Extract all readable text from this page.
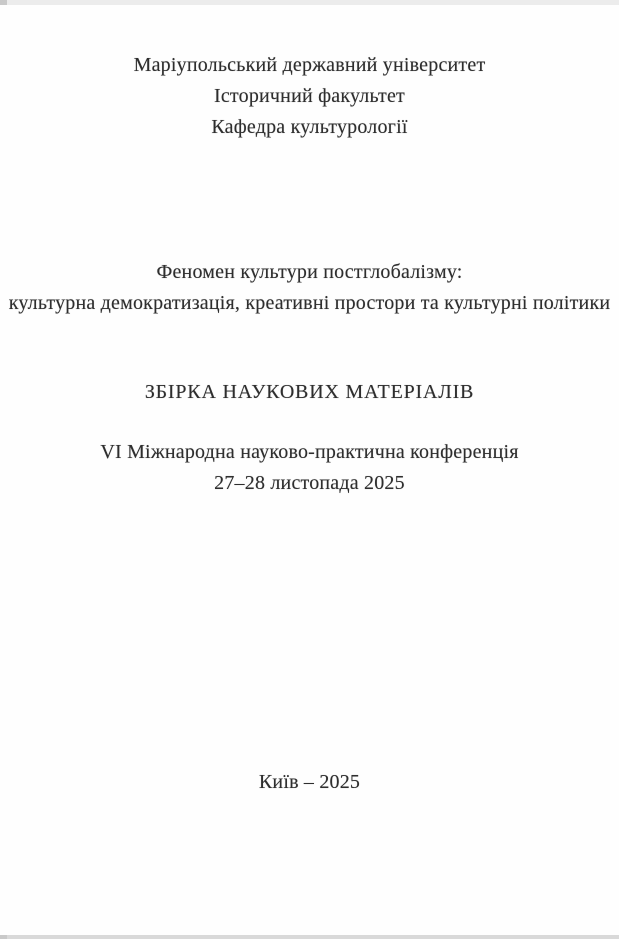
Маріупольський державний університет
Історичний факультет
Кафедра культурології
Феномен культури постглобалізму:
культурна демократизація, креативні простори та культурні політики
ЗБІРКА НАУКОВИХ МАТЕРІАЛІВ
VI Міжнародна науково-практична конференція
27–28 листопада 2025
Київ – 2025
